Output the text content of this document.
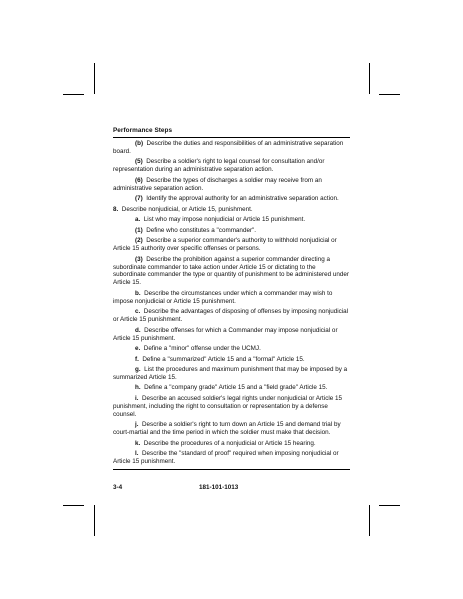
Performance Steps

(b) Describe the duties and responsibilities of an administrative separation board.

(5) Describe a soldier's right to legal counsel for consultation and/or representation during an administrative separation action.

(6) Describe the types of discharges a soldier may receive from an administrative separation action.

(7) Identify the approval authority for an administrative separation action.

8. Describe nonjudicial, or Article 15, punishment.

a. List who may impose nonjudicial or Article 15 punishment.

(1) Define who constitutes a "commander".

(2) Describe a superior commander's authority to withhold nonjudicial or Article 15 authority over specific offenses or persons.

(3) Describe the prohibition against a superior commander directing a subordinate commander to take action under Article 15 or dictating to the subordinate commander the type or quantity of punishment to be administered under Article 15.

b. Describe the circumstances under which a commander may wish to impose nonjudicial or Article 15 punishment.

c. Describe the advantages of disposing of offenses by imposing nonjudicial or Article 15 punishment.

d. Describe offenses for which a Commander may impose nonjudicial or Article 15 punishment.

e. Define a "minor" offense under the UCMJ.

f. Define a "summarized" Article 15 and a "formal" Article 15.

g. List the procedures and maximum punishment that may be imposed by a summarized Article 15.

h. Define a "company grade" Article 15 and a "field grade" Article 15.

i. Describe an accused soldier's legal rights under nonjudicial or Article 15 punishment, including the right to consultation or representation by a defense counsel.

j. Describe a soldier's right to turn down an Article 15 and demand trial by court-martial and the time period in which the soldier must make that decision.

k. Describe the procedures of a nonjudicial or Article 15 hearing.

l. Describe the "standard of proof" required when imposing nonjudicial or Article 15 punishment.

3-4	181-101-1013
